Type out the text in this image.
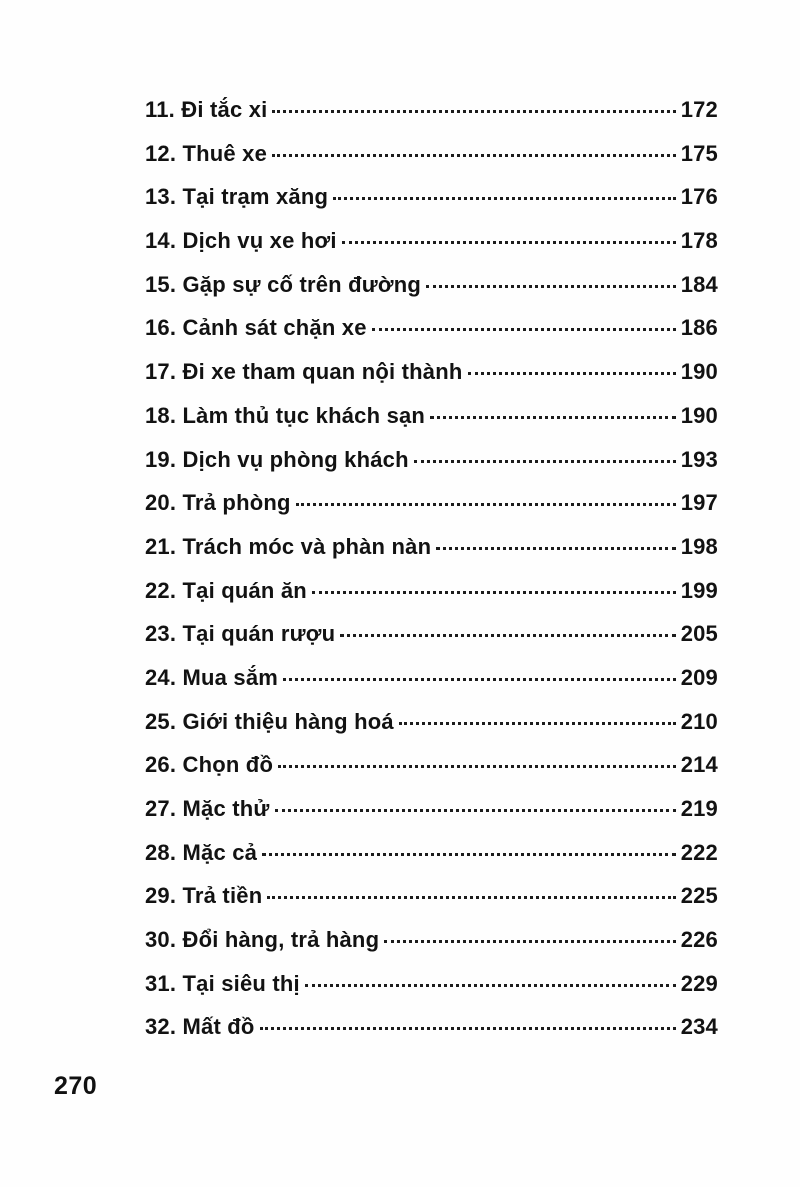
11. Đi tắc xi	172
12. Thuê xe	175
13. Tại trạm xăng	176
14. Dịch vụ xe hơi	178
15. Gặp sự cố trên đường	184
16. Cảnh sát chặn xe	186
17. Đi xe tham quan nội thành	190
18. Làm thủ tục khách sạn	190
19. Dịch vụ phòng khách	193
20. Trả phòng	197
21. Trách móc và phàn nàn	198
22. Tại quán ăn	199
23. Tại quán rượu	205
24. Mua sắm	209
25. Giới thiệu hàng hoá	210
26. Chọn đồ	214
27. Mặc thử	219
28. Mặc cả	222
29. Trả tiền	225
30. Đổi hàng, trả hàng	226
31. Tại siêu thị	229
32. Mất đồ	234
270
